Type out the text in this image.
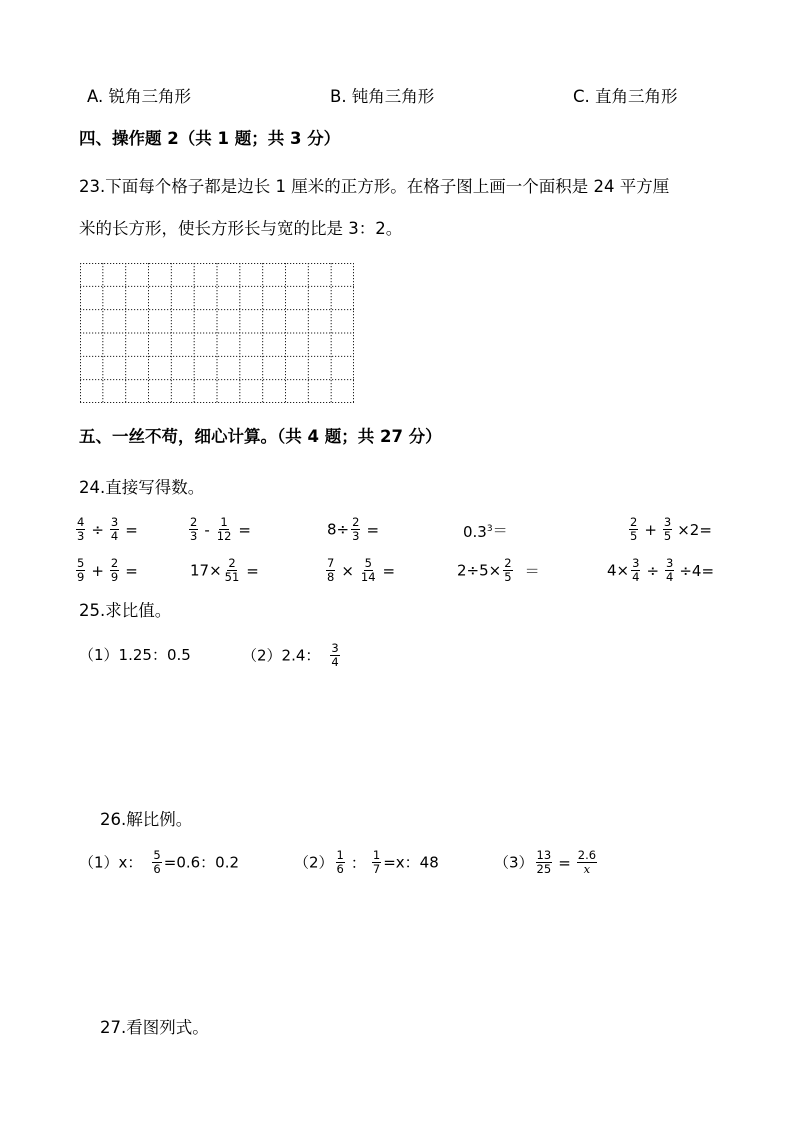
A. 锐角三角形	B. 钝角三角形	C. 直角三角形
四、操作题 2（共 1 题；共 3 分）
23.下面每个格子都是边长 1 厘米的正方形。在格子图上画一个面积是 24 平方厘
米的长方形，使长方形长与宽的比是 3：2。
五、一丝不苟，细心计算。（共 4 题；共 27 分）
24.直接写得数。
$\frac{4}{3} \div \frac{3}{4}$ =	$\frac{2}{3} - \frac{1}{12}$ =	$8\div \frac{2}{3}$ =	$0.3^3=$	$\frac{2}{5} + \frac{3}{5} \times 2=$
$\frac{5}{9} + \frac{2}{9}$ =	$17\times \frac{2}{51}$ =	$\frac{7}{8} \times \frac{5}{14}$ =	$2\div 5\times \frac{2}{5}$ ＝	$4\times \frac{3}{4} \div \frac{3}{4} \div 4=$
25.求比值。
（1）1.25：0.5	（2）2.4： $\frac{3}{4}$
26.解比例。
（1）x： $\frac{5}{6} =0.6$：0.2	$(2) \frac{1}{6}$ ： $\frac{1}{7} =x$：48	$(3) \frac{13}{25} = \frac{2.6}{x}$
27.看图列式。
